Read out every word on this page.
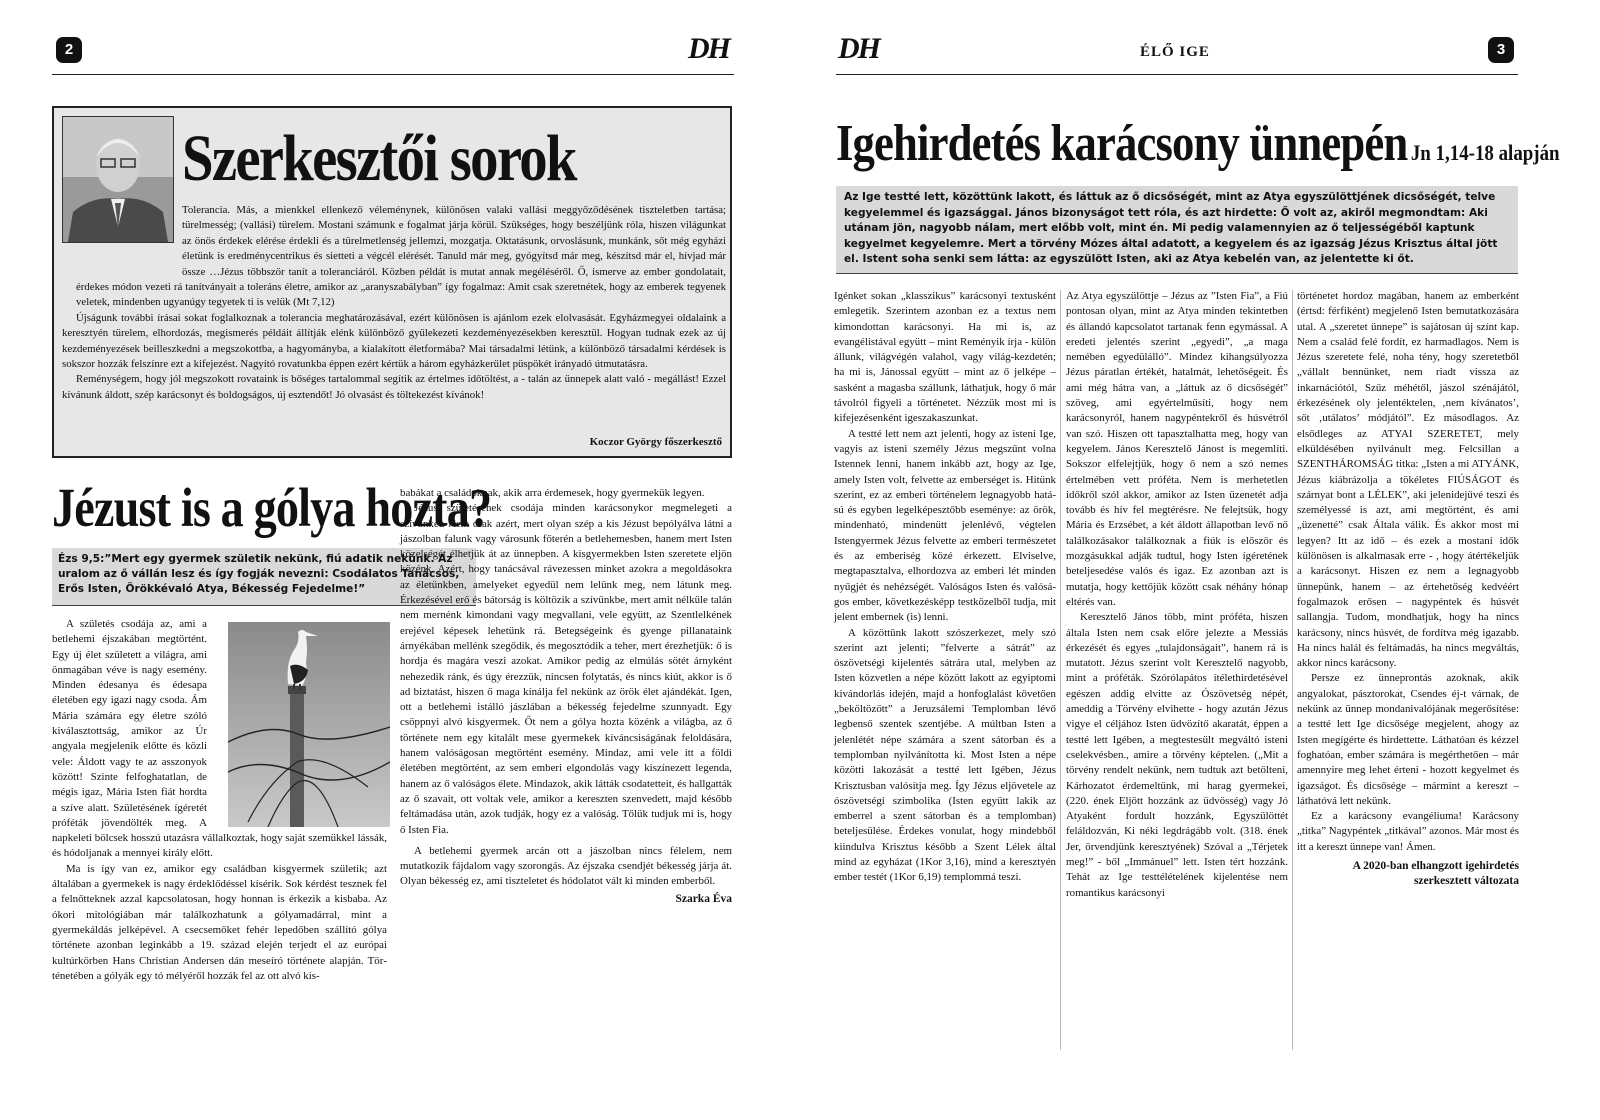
2	DH
Szerkesztői sorok

Tolerancia. Más, a mienkkel ellenkező véleménynek, különösen valaki vallási meggyőződésének tiszteletben tartása; türelmesség; (vallási) türelem. Mostani számunk e fogalmat járja körül. Szükséges, hogy beszéljünk róla, hiszen világunkat az önös érdekek elérése érdekli és a türelmetlenség jellemzi, mozgatja. Oktatásunk, orvoslásunk, munkánk, sőt még egyházi életünk is eredménycentrikus és sietteti a végcél elérését. Tanuld már meg, gyógyítsd már meg, készítsd már el, hívjad már össze …Jézus többször tanít a toleranciáról. Közben példát is mutat annak megéléséről. Ő, ismerve az ember gondolatait, érdekes módon vezeti rá tanítványait a toleráns életre, amikor az „aranyszabályban” így fogalmaz: Amit csak szeretnétek, hogy az emberek tegyenek veletek, mindenben ugyanúgy tegyetek ti is velük (Mt 7,12)

Újságunk további írásai sokat foglalkoznak a tolerancia meghatározásával, ezért különösen is ajánlom ezek elolvasását. Egyházmegyei oldalaink a keresztyén türelem, elhordozás, megismerés példáit állítják elénk különböző gyülekezeti kezdeményezésekben keresztül. Hogyan tudnak ezek az új kezdeményezések beilleszkedni a megszokottba, a hagyományba, a kialakított életformába? Mai társadalmi létünk, a különböző társadalmi kérdések is sokszor hozzák felszínre ezt a kifejezést. Nagyító rovatunkba éppen ezért kértük a három egyházkerület püspökét irányadó útmutatásra.

Reménységem, hogy jól megszokott rovataink is bőséges tartalommal segítik az értelmes időtöltést, a - talán az ünnepek alatt való - megállást! Ezzel kívánunk áldott, szép karácsonyt és boldogságos, új esztendőt! Jó olvasást és töltekezést kívánok!

Koczor György főszerkesztő
Jézust is a gólya hozta?
Ézs 9,5:”Mert egy gyermek születik nekünk, fiú adatik nekünk. Az uralom az ő vállán lesz és így fogják nevezni: Csodálatos Tanácsos, Erős Isten, Örökkévaló Atya, Békesség Fejedelme!”

A születés csodája az, ami a betlehemi éjszakában megtörtént. Egy új élet született a világra, ami önmagában véve is nagy esemény. Minden édesanya és édesapa életében egy igazi nagy csoda. Ám Mária számára egy életre szóló kiválasztottság, amikor az Úr angyala megjelenik előtte és közli vele: Áldott vagy te az asszonyok között! Szinte felfoghatatlan, de mégis igaz, Mária Isten fiát hordta a szíve alatt. Születésének ígéretét próféták jövendölték meg. A napkeleti bölcsek hosszú utazásra vállalkoztak, hogy saját szemükkel lássák, és hódoljanak a mennyei király előtt.

Ma is így van ez, amikor egy családban kisgyermek születik; azt általában a gyermekek is nagy érdeklődéssel kísérik. Sok kérdést tesznek fel a felnőtteknek azzal kapcsolatosan, hogy honnan is érkezik a kisbaba. Az ókori mitológiában már találkozhatunk a gólyamadárral, mint a gyermekáldás jelképével. A csecsemőket fehér lepedőben szállító gólya története azonban leginkább a 19. század elején terjedt el az európai kultúrkörben Hans Christian Andersen dán meseíró története alapján. Történetében a gólyák egy tó mélyéről hozzák fel az ott alvó kis-

babákat a családoknak, akik arra érdemesek, hogy gyermekük legyen.

Jézus születésének csodája minden karácsonykor megmelegeti a szívünket. Nem csak azért, mert olyan szép a kis Jézust bepólyálva látni a jászolban falunk vagy városunk főterén a betlehemesben, hanem mert Isten közelségét élhetjük át az ünnepben. A kisgyermekben Isten szeretete eljön közénk. Azért, hogy tanácsával rávezessen minket azokra a megoldásokra az életünkben, amelyeket egyedül nem lelünk meg, nem látunk meg. Érkezésével erő és bátorság is költözik a szívünkbe, mert amit nélküle talán nem mernénk kimondani vagy megvallani, vele együtt, az Szentlelkének erejével képesek lehetünk rá. Betegségeink és gyenge pillanataink árnyékában mellénk szegődik, és megosztódik a teher, mert érezhetjük: ő is hordja és magára veszi azokat. Amikor pedig az elmúlás sötét árnyként nehezedik ránk, és úgy érezzük, nincsen folytatás, és nincs kiút, akkor is ő ad biztatást, hiszen ő maga kínálja fel nekünk az örök élet ajándékát. Igen, ott a betlehemi istálló jászlában a békesség fejedelme szunnyadt. Egy csöppnyi alvó kisgyermek. Őt nem a gólya hozta közénk a világba, az ő története nem egy kitalált mese gyermekek kíváncsiságának feloldására, hanem valóságosan megtörtént esemény. Mindaz, ami vele itt a földi életében megtörtént, az sem emberi elgondolás vagy kiszínezett legenda, hanem az ő valóságos élete. Mindazok, akik látták csodatetteit, és hallgatták az ő szavait, ott voltak vele, amikor a kereszten szenvedett, majd később feltámadása után, azok tudják, hogy ez a valóság. Tőlük tudjuk mi is, hogy ő Isten Fia.

A betlehemi gyermek arcán ott a jászolban nincs félelem, nem mutatkozik fájdalom vagy szorongás. Az éjszaka csendjét békesség járja át. Olyan békesség ez, ami tiszteletet és hódolatot vált ki minden emberből.

Szarka Éva
DH	ÉLŐ IGE	3
Igehirdetés karácsony ünnepén Jn 1,14-18 alapján
Az Ige testté lett, közöttünk lakott, és láttuk az ő dicsőségét, mint az Atya egyszülöttjének dicsőségét, telve kegyelemmel és igazsággal. János bizonyságot tett róla, és azt hirdette: Ő volt az, akiről megmondtam: Aki utánam jön, nagyobb nálam, mert előbb volt, mint én. Mi pedig valamennyien az ő teljességéből kaptunk kegyelmet kegyelemre. Mert a törvény Mózes által adatott, a kegyelem és az igazság Jézus Krisztus által jött el. Istent soha senki sem látta: az egyszülött Isten, aki az Atya kebelén van, az jelentette ki őt.

Igénket sokan „klasszikus” karácsonyi textusként emlegetik. Szerintem azonban ez a textus nem kimondottan karácsonyi. Ha mi is, az evangélistával együtt – mint Reményik írja - külön állunk, világvégén valahol, vagy világ-kezdetén; ha mi is, Jánossal együtt – mint az ő jelképe – sasként a magasba szállunk, láthatjuk, hogy ő már távolról figyeli a történetet. Nézzük most mi is kifejezésenként igeszakaszunkat.

A testté lett nem azt jelenti, hogy az isteni Ige, vagyis az isteni személy Jézus megszűnt volna Istennek lenni, hanem inkább azt, hogy az Ige, amely Isten volt, felvette az emberséget is. Hitünk szerint, ez az emberi történelem legnagyobb hatású és egyben legelképesztőbb eseménye: az örök, mindenható, mindenütt jelenlévő, végtelen Istengyermek Jézus felvette az emberi természetet és az emberiség közé érkezett. Elviselve, megtapasztalva, elhordozva az emberi lét minden nyűgjét és nehézségét. Valóságos Isten és valóságos ember, következésképp testközelből tudja, mit jelent embernek (is) lenni.

A közöttünk lakott szószerkezet, mely szó szerint azt jelenti; ”felverte a sátrát” az ószövetségi kijelentés sátrára utal, melyben az Isten közvetlen a népe között lakott az egyiptomi kivándorlás idején, majd a honfoglalást követően „beköltözött” a Jeruzsálemi Templomban lévő legbenső szentek szentjébe. A múltban Isten a jelenlétét népe számára a szent sátorban és a templomban nyilvánította ki. Most Isten a népe közötti lakozását a testté lett Igében, Jézus Krisztusban valósítja meg. Így Jézus eljövetele az ószövetségi szimbolika (Isten együtt lakik az emberrel a szent sátorban és a templomban) beteljesülése. Érdekes vonulat, hogy mindebből kiindulva Krisztus később a Szent Lélek által mind az egyházat (1Kor 3,16), mind a keresztyén ember testét (1Kor 6,19) templommá teszi.

Az Atya egyszülöttje – Jézus az ”Isten Fia”, a Fiú pontosan olyan, mint az Atya minden tekintetben és állandó kapcsolatot tartanak fenn egymással. A eredeti jelentés szerint „egyedi”, „a maga nemében egyedülálló”. Mindez kihangsúlyozza Jézus páratlan értékét, hatalmát, lehetőségeit. És ami még hátra van, a „láttuk az ő dicsőségét” szöveg, ami egyértelműsíti, hogy nem karácsonyról, hanem nagypéntekről és húsvétról van szó. Hiszen ott tapasztalhatta meg, hogy van kegyelem. János Keresztelő Jánost is megemlíti. Sokszor elfelejtjük, hogy ő nem a szó nemes értelmében vett próféta. Nem is merhetetlen időkről szól akkor, amikor az Isten üzenetét adja tovább és hív fel megtérésre. Ne felejtsük, hogy Mária és Erzsébet, a két áldott állapotban levő nő találkozásakor találkoznak a fiúk is először és mozgásukkal adják tudtul, hogy Isten ígéretének beteljesedése valós és igaz. Ez azonban azt is mutatja, hogy kettőjük között csak néhány hónap eltérés van.

Keresztelő János több, mint próféta, hiszen általa Isten nem csak előre jelezte a Messiás érkezését és egyes „tulajdonságait”, hanem rá is mutatott. Jézus szerint volt Keresztelő nagyobb, mint a próféták. Szórólapátos ítélethirdetésével egészen addig elvitte az Ószövetség népét, ameddig a Törvény elvihette - hogy azután Jézus vigye el céljához Isten üdvözítő akaratát, éppen a testté lett Igében, a megtestesült megváltó isteni cselekvésben., amire a törvény képtelen. („Mit a törvény rendelt nekünk, nem tudtuk azt betölteni, Kárhozatot érdemeltünk, mi harag gyermekei, (220. ének Eljött hozzánk az üdvösség) vagy Jó Atyaként fordult hozzánk, Egyszülöttét feláldozván, Ki néki legdrágább volt. (318. ének Jer, örvendjünk keresztyének) Szóval a „Térjetek meg!” - ből „Immánuel” lett. Isten tért hozzánk. Tehát az Ige testtélételének kijelentése nem romantikus karácsonyi

történetet hordoz magában, hanem az emberként (értsd: férfiként) megjelenő Isten bemutatkozására utal. A „szeretet ünnepe” is sajátosan új színt kap. Nem a család felé fordít, ez harmadlagos. Nem is Jézus szeretete felé, noha tény, hogy szeretetből „vállalt bennünket, nem riadt vissza az inkarnációtól, Szűz méhétől, jászol szénájától, érkezésének oly jelentéktelen, ‚nem kívánatos’, sőt ‚utálatos’ módjától”. Ez másodlagos. Az elsődleges az ATYAI SZERETET, mely elküldésében nyilvánult meg. Felcsillan a SZENTHÁROMSÁG titka: „Isten a mi ATYÁNK, Jézus kiábrázolja a tökéletes FIÚSÁGOT és szárnyat bont a LÉLEK”, aki jelenidejűvé teszi és személyessé is azt, ami megtörtént, és ami „üzenetté” csak Általa válik. És akkor most mi legyen? Itt az idő – és ezek a mostani idők különösen is alkalmasak erre - , hogy átértékeljük a karácsonyt. Hiszen ez nem a legnagyobb ünnepünk, hanem – az értehetőség kedvéért fogalmazok erősen – nagypéntek és húsvét sallangja. Tudom, mondhatjuk, hogy ha nincs karácsony, nincs húsvét, de fordítva még igazabb. Ha nincs halál és feltámadás, ha nincs megváltás, akkor nincs karácsony.

Persze ez ünneprontás azoknak, akik angyalokat, pásztorokat, Csendes éj-t várnak, de nekünk az ünnep mondanivalójának megerősítése: a testté lett Ige dicsősége megjelent, ahogy az Isten megígérte és hirdettette. Láthatóan és kézzel foghatóan, ember számára is megérthetően – már amennyire meg lehet érteni - hozott kegyelmet és igazságot. És dicsősége – mármint a kereszt – láthatóvá lett nekünk.

Ez a karácsony evangéliuma! Karácsony „titka” Nagypéntek „titkával” azonos. Már most és itt a kereszt ünnepe van! Ámen.

A 2020-ban elhangzott igehirdetés szerkesztett változata
